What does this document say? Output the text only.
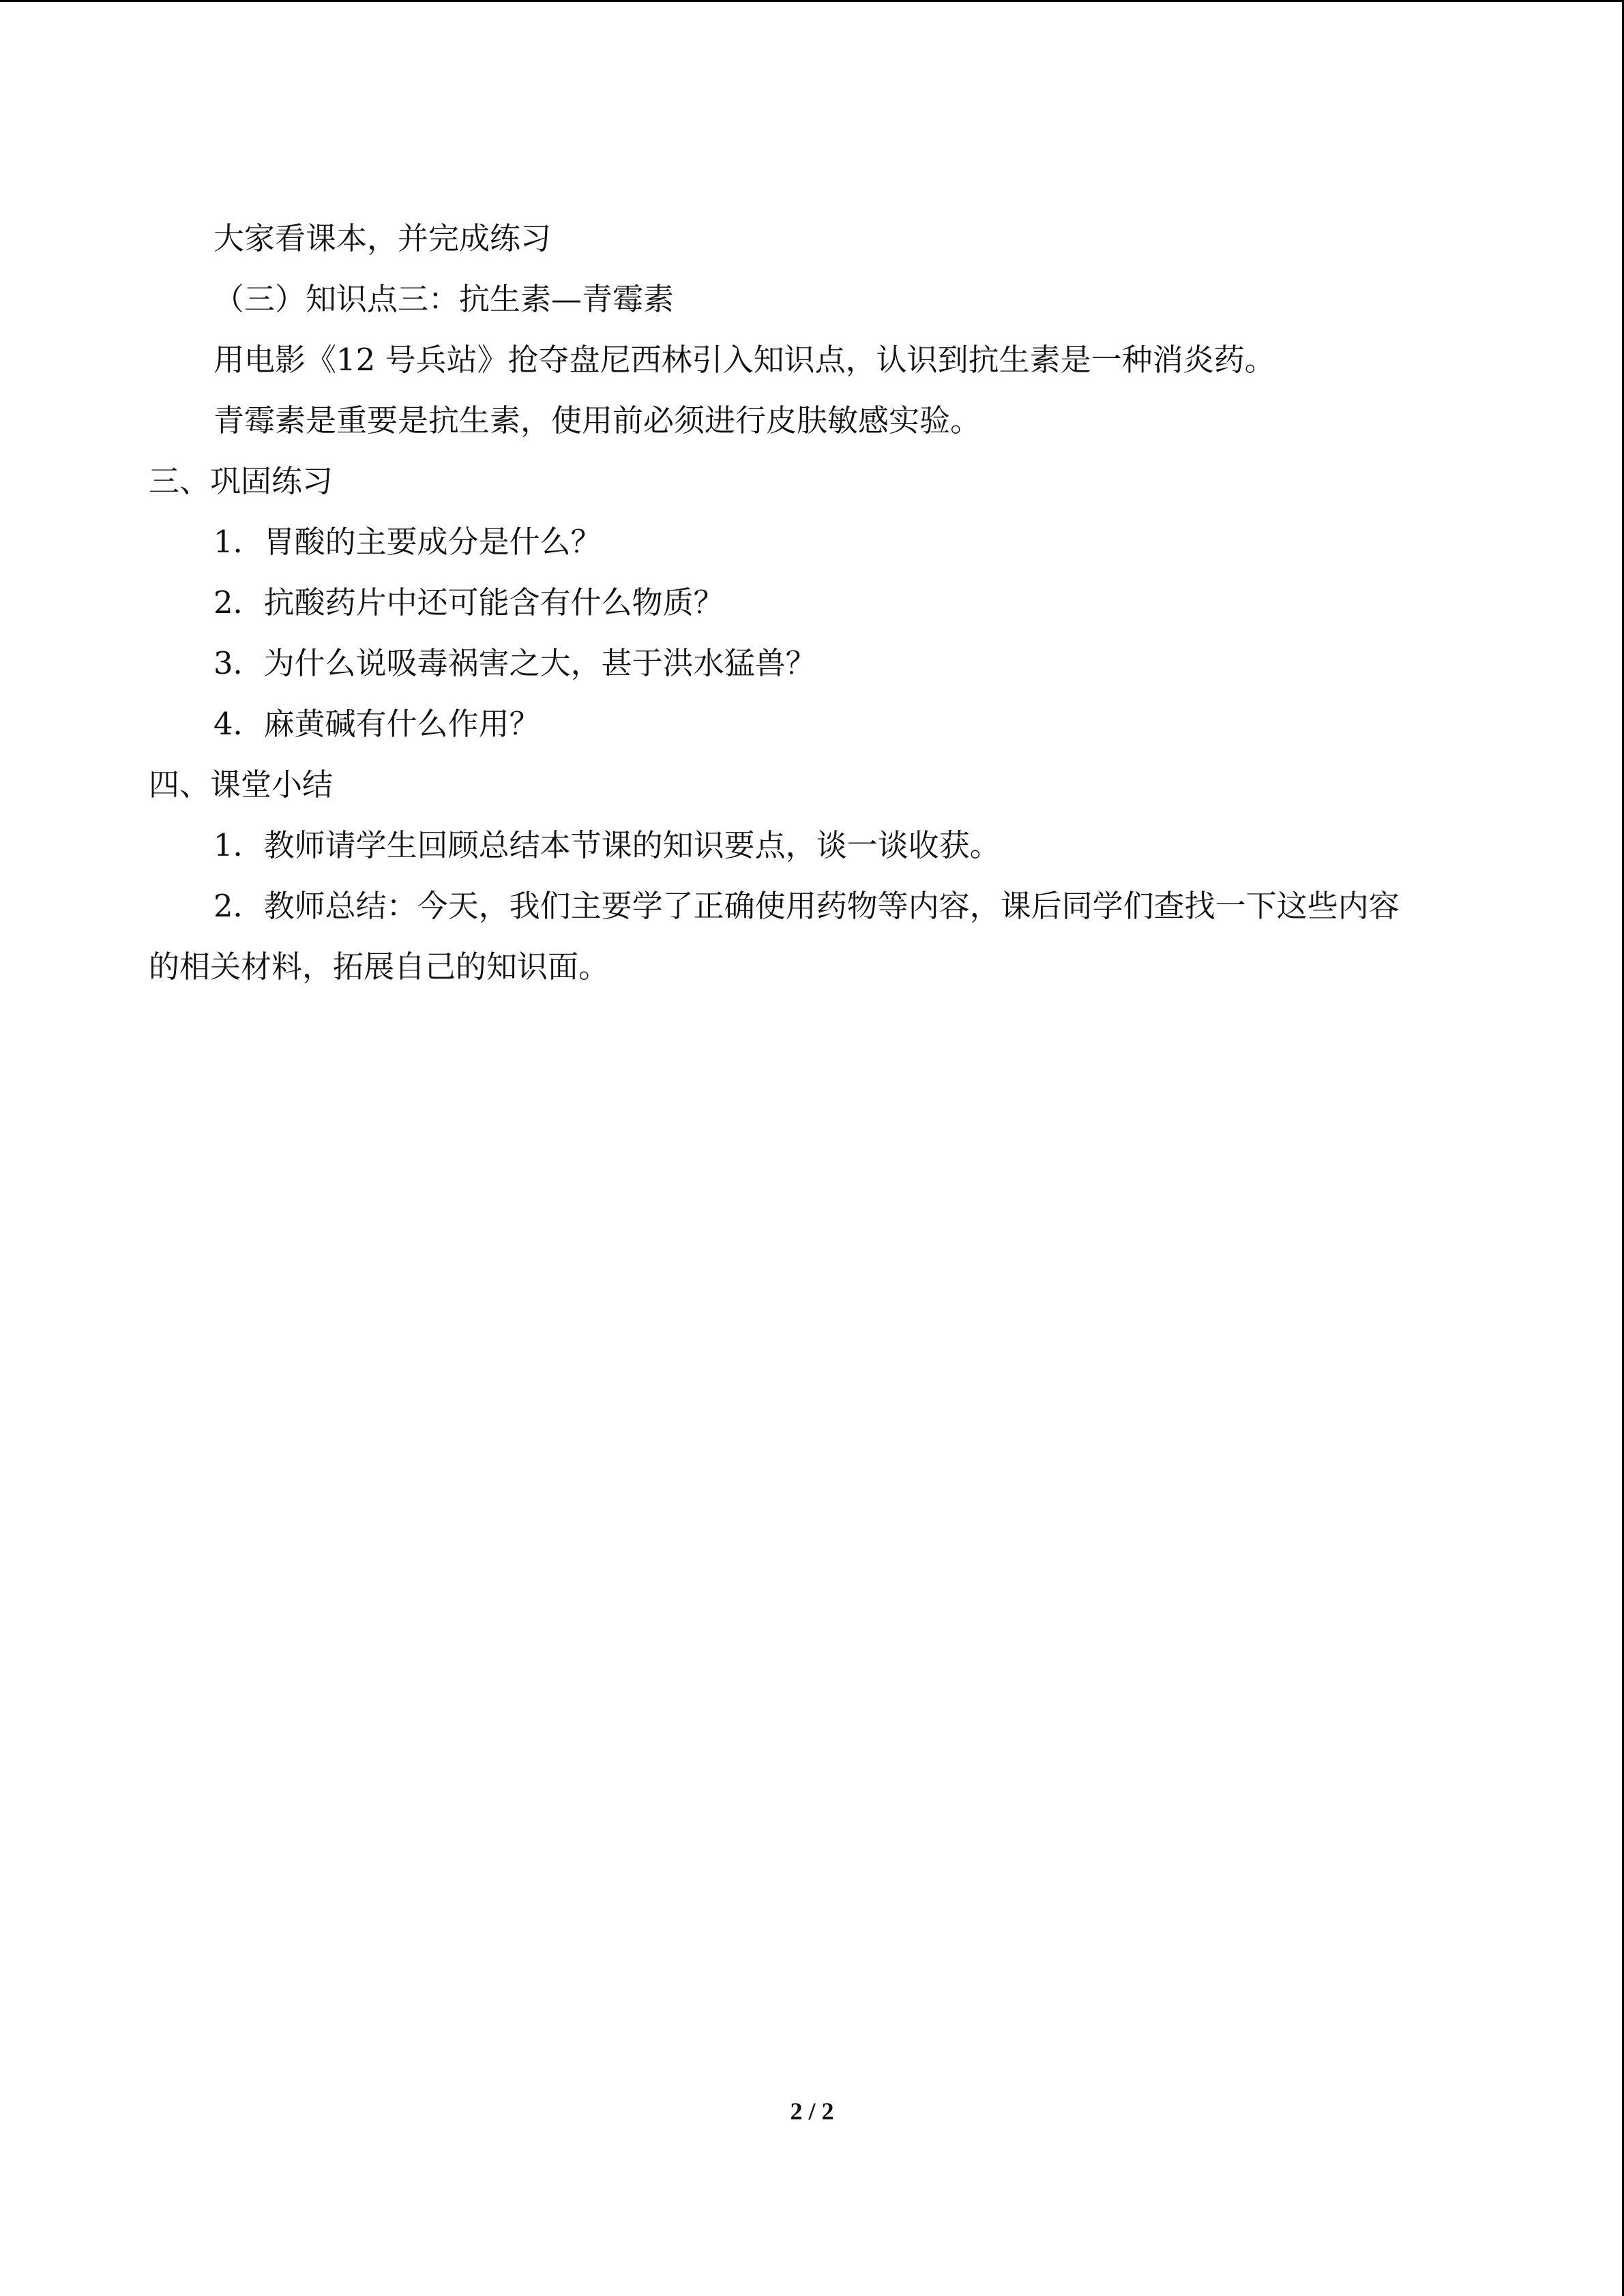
大家看课本，并完成练习

（三）知识点三：抗生素—青霉素

用电影《12 号兵站》抢夺盘尼西林引入知识点，认识到抗生素是一种消炎药。

青霉素是重要是抗生素，使用前必须进行皮肤敏感实验。

三、巩固练习

1．胃酸的主要成分是什么？

2．抗酸药片中还可能含有什么物质？

3．为什么说吸毒祸害之大，甚于洪水猛兽？

4．麻黄碱有什么作用？

四、课堂小结

1．教师请学生回顾总结本节课的知识要点，谈一谈收获。

2．教师总结：今天，我们主要学了正确使用药物等内容，课后同学们查找一下这些内容

的相关材料，拓展自己的知识面。

2 / 2
